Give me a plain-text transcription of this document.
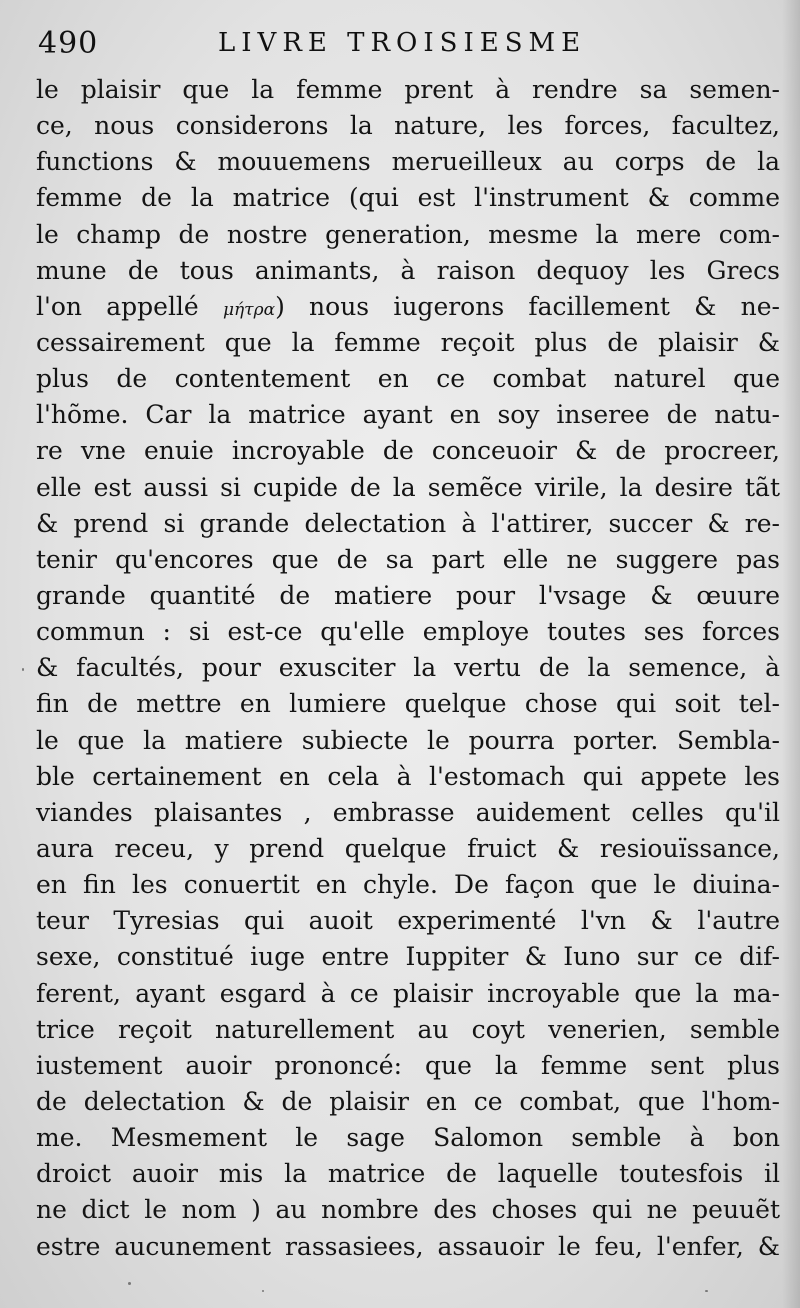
490	LIVRE TROISIESME
le plaisir que la femme prent à rendre sa semen-
ce, nous considerons la nature, les forces, facultez,
functions & mouuemens merueilleux au corps de la
femme de la matrice (qui est l'instrument & comme
le champ de nostre generation, mesme la mere com-
mune de tous animants, à raison dequoy les Grecs
l'on appellé μήτρα) nous iugerons facillement & ne-
cessairement que la femme reçoit plus de plaisir &
plus de contentement en ce combat naturel que
l'hõme. Car la matrice ayant en soy inseree de natu-
re vne enuie incroyable de conceuoir & de procreer,
elle est aussi si cupide de la semẽce virile, la desire tãt
& prend si grande delectation à l'attirer, succer & re-
tenir qu'encores que de sa part elle ne suggere pas
grande quantité de matiere pour l'vsage & œuure
commun : si est-ce qu'elle employe toutes ses forces
& facultés, pour exusciter la vertu de la semence, à
fin de mettre en lumiere quelque chose qui soit tel-
le que la matiere subiecte le pourra porter. Sembla-
ble certainement en cela à l'estomach qui appete les
viandes plaisantes , embrasse auidement celles qu'il
aura receu, y prend quelque fruict & resiouïssance,
en fin les conuertit en chyle. De façon que le diuina-
teur Tyresias qui auoit experimenté l'vn & l'autre
sexe, constitué iuge entre Iuppiter & Iuno sur ce dif-
ferent, ayant esgard à ce plaisir incroyable que la ma-
trice reçoit naturellement au coyt venerien, semble
iustement auoir prononcé: que la femme sent plus
de delectation & de plaisir en ce combat, que l'hom-
me. Mesmement le sage Salomon semble à bon
droict auoir mis la matrice de laquelle toutesfois il
ne dict le nom ) au nombre des choses qui ne peuuẽt
estre aucunement rassasiees, assauoir le feu, l'enfer, &
